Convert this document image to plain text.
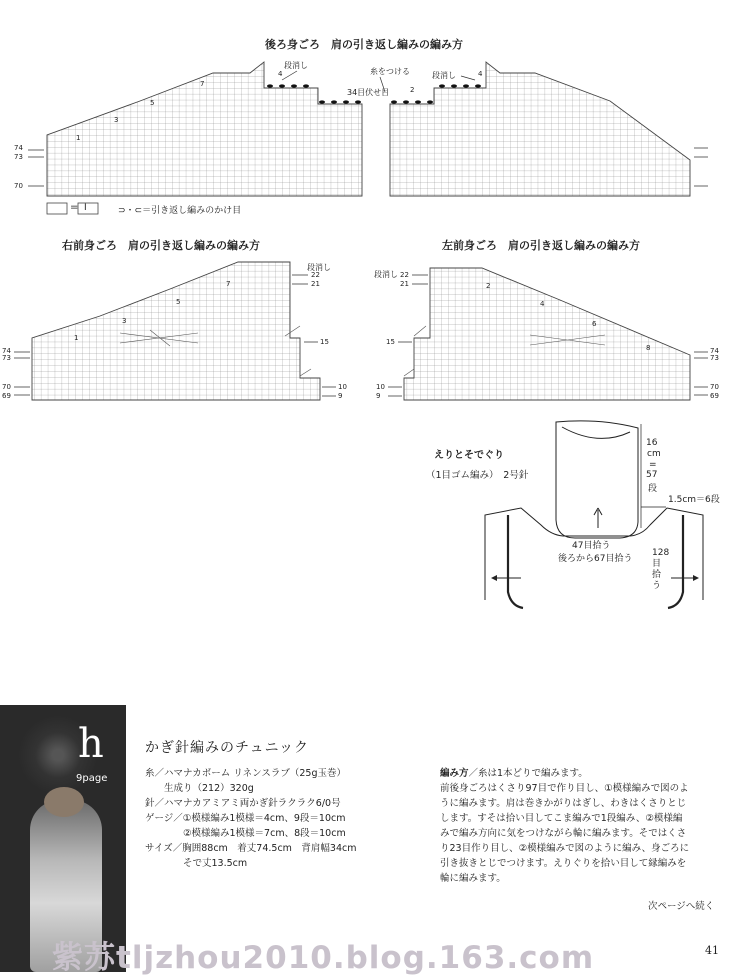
後ろ身ごろ　肩の引き返し編みの編み方
段消し
段消し
糸をつける
34目伏せ目
74
73
70
4
2
4
1
3
5
7
= Ⅰ	⊃・⊂＝引き返し編みのかけ目
右前身ごろ　肩の引き返し編みの編み方
段消し
22
21
15
10
9
74
73
70
69
1
3
5
7
左前身ごろ　肩の引き返し編みの編み方
段消し 22
21
15
10
9
74
73
70
69
2
4
6
8
えりとそでぐり
（1目ゴム編み）　2号針
16
cm
=
57
段
1.5cm＝6段
47目拾う
後ろから67目拾う
128目拾う
h
9page
かぎ針編みのチュニック
糸／ハマナカボーム リネンスラブ（25g玉巻）
　　生成り（212）320g
針／ハマナカアミアミ両かぎ針ラクラク6/0号
ゲージ／①模様編み1模様＝4cm、9段＝10cm
　　　　②模様編み1模様＝7cm、8段＝10cm
サイズ／胸囲88cm　着丈74.5cm　背肩幅34cm
　　　　そで丈13.5cm
編み方／糸は1本どりで編みます。
前後身ごろはくさり97目で作り目し、①模様編みで図のよ
うに編みます。肩は巻きかがりはぎし、わきはくさりとじ
します。すそは拾い目してこま編みで1段編み、②模様編
みで編み方向に気をつけながら輪に編みます。そではくさ
り23目作り目し、②模様編みで図のように編み、身ごろに
引き抜きとじでつけます。えりぐりを拾い目して縁編みを
輪に編みます。
次ページへ続く
紫苏tljzhou2010.blog.163.com	41
